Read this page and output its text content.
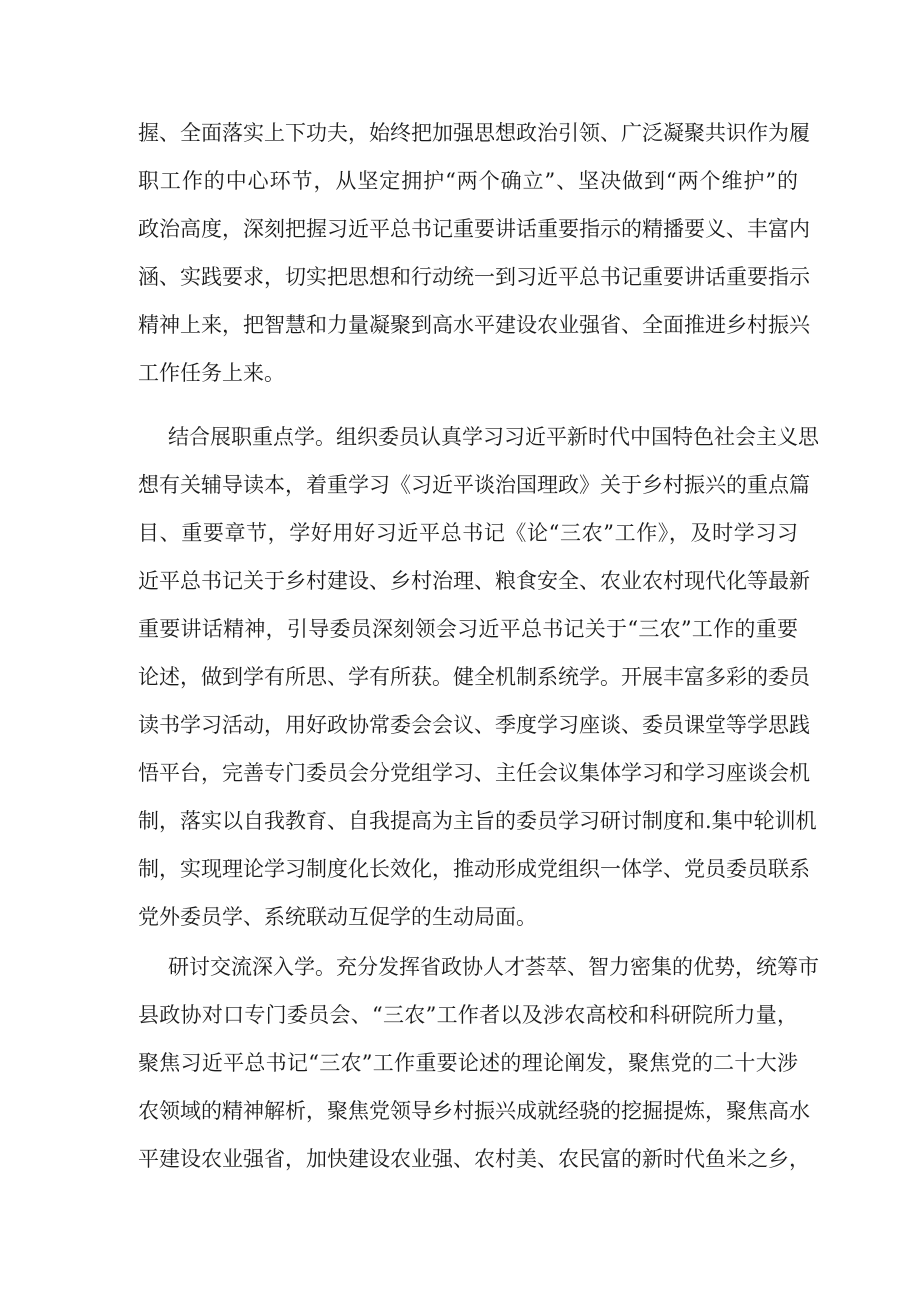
握、全面落实上下功夫，始终把加强思想政治引领、广泛凝聚共识作为履
职工作的中心环节，从坚定拥护“两个确立”、坚决做到“两个维护”的
政治高度，深刻把握习近平总书记重要讲话重要指示的精播要义、丰富内
涵、实践要求，切实把思想和行动统一到习近平总书记重要讲话重要指示
精神上来，把智慧和力量凝聚到高水平建设农业强省、全面推进乡村振兴
工作任务上来。
结合展职重点学。组织委员认真学习习近平新时代中国特色社会主义思
想有关辅导读本，着重学习《习近平谈治国理政》关于乡村振兴的重点篇
目、重要章节，学好用好习近平总书记《论“三农”工作》，及时学习习
近平总书记关于乡村建设、乡村治理、粮食安全、农业农村现代化等最新
重要讲话精神，引导委员深刻领会习近平总书记关于“三农”工作的重要
论述，做到学有所思、学有所获。健全机制系统学。开展丰富多彩的委员
读书学习活动，用好政协常委会会议、季度学习座谈、委员课堂等学思践
悟平台，完善专门委员会分党组学习、主任会议集体学习和学习座谈会机
制，落实以自我教育、自我提高为主旨的委员学习研讨制度和.集中轮训机
制，实现理论学习制度化长效化，推动形成党组织一体学、党员委员联系
党外委员学、系统联动互促学的生动局面。
研讨交流深入学。充分发挥省政协人才荟萃、智力密集的优势，统筹市
县政协对口专门委员会、“三农”工作者以及涉农高校和科研院所力量，
聚焦习近平总书记“三农”工作重要论述的理论阐发，聚焦党的二十大涉
农领域的精神解析，聚焦党领导乡村振兴成就经骁的挖掘提炼，聚焦高水
平建设农业强省，加快建设农业强、农村美、农民富的新时代鱼米之乡，
